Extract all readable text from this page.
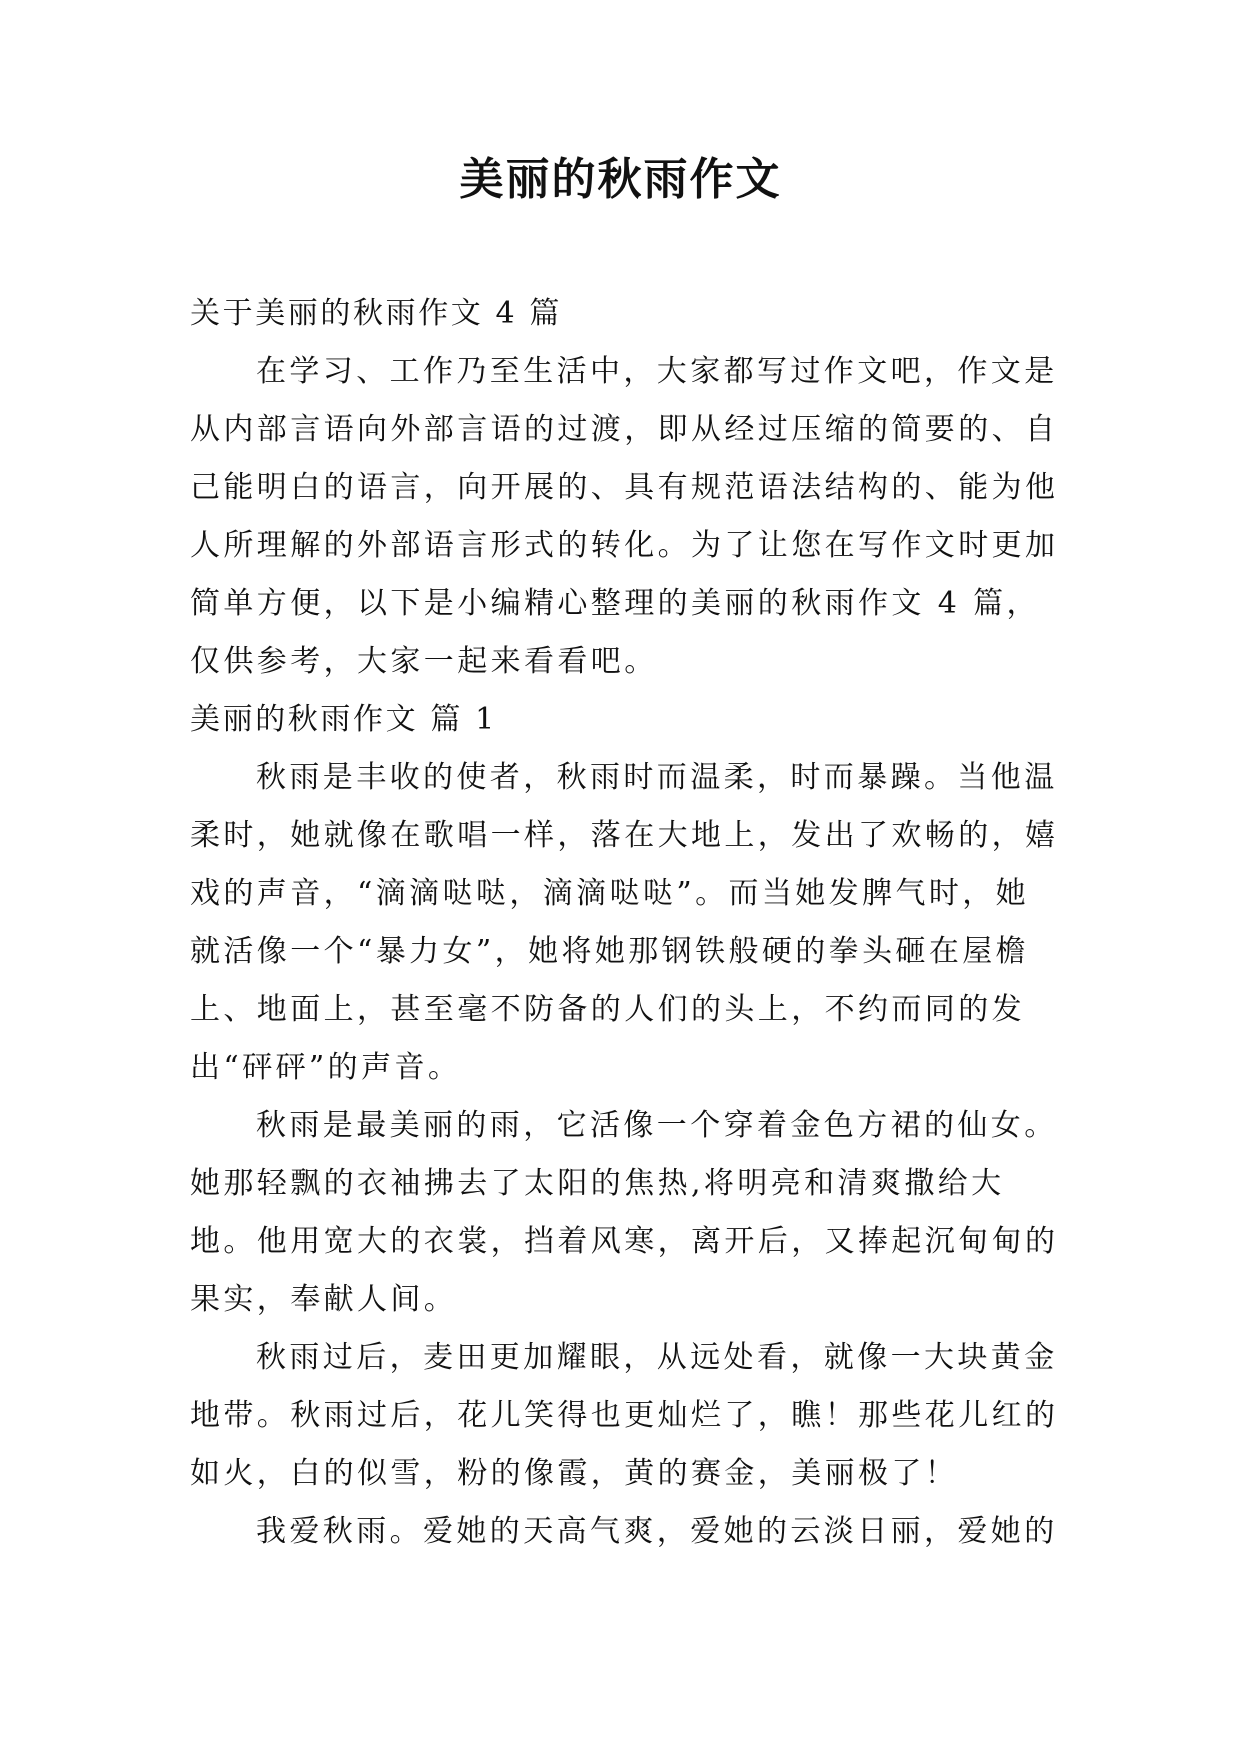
美丽的秋雨作文

关于美丽的秋雨作文 4 篇

在学习、工作乃至生活中，大家都写过作文吧，作文是从内部言语向外部言语的过渡，即从经过压缩的简要的、自己能明白的语言，向开展的、具有规范语法结构的、能为他人所理解的外部语言形式的转化。为了让您在写作文时更加简单方便，以下是小编精心整理的美丽的秋雨作文 4 篇，仅供参考，大家一起来看看吧。

美丽的秋雨作文 篇 1

秋雨是丰收的使者，秋雨时而温柔，时而暴躁。当他温柔时，她就像在歌唱一样，落在大地上，发出了欢畅的，嬉戏的声音，“滴滴哒哒，滴滴哒哒”。而当她发脾气时，她就活像一个“暴力女”，她将她那钢铁般硬的拳头砸在屋檐上、地面上，甚至毫不防备的人们的头上，不约而同的发出“砰砰”的声音。

秋雨是最美丽的雨，它活像一个穿着金色方裙的仙女。她那轻飘的衣袖拂去了太阳的焦热,将明亮和清爽撒给大地。他用宽大的衣裳，挡着风寒，离开后，又捧起沉甸甸的果实，奉献人间。

秋雨过后，麦田更加耀眼，从远处看，就像一大块黄金地带。秋雨过后，花儿笑得也更灿烂了，瞧！那些花儿红的如火，白的似雪，粉的像霞，黄的赛金，美丽极了！

我爱秋雨。爱她的天高气爽，爱她的云淡日丽，爱她的
